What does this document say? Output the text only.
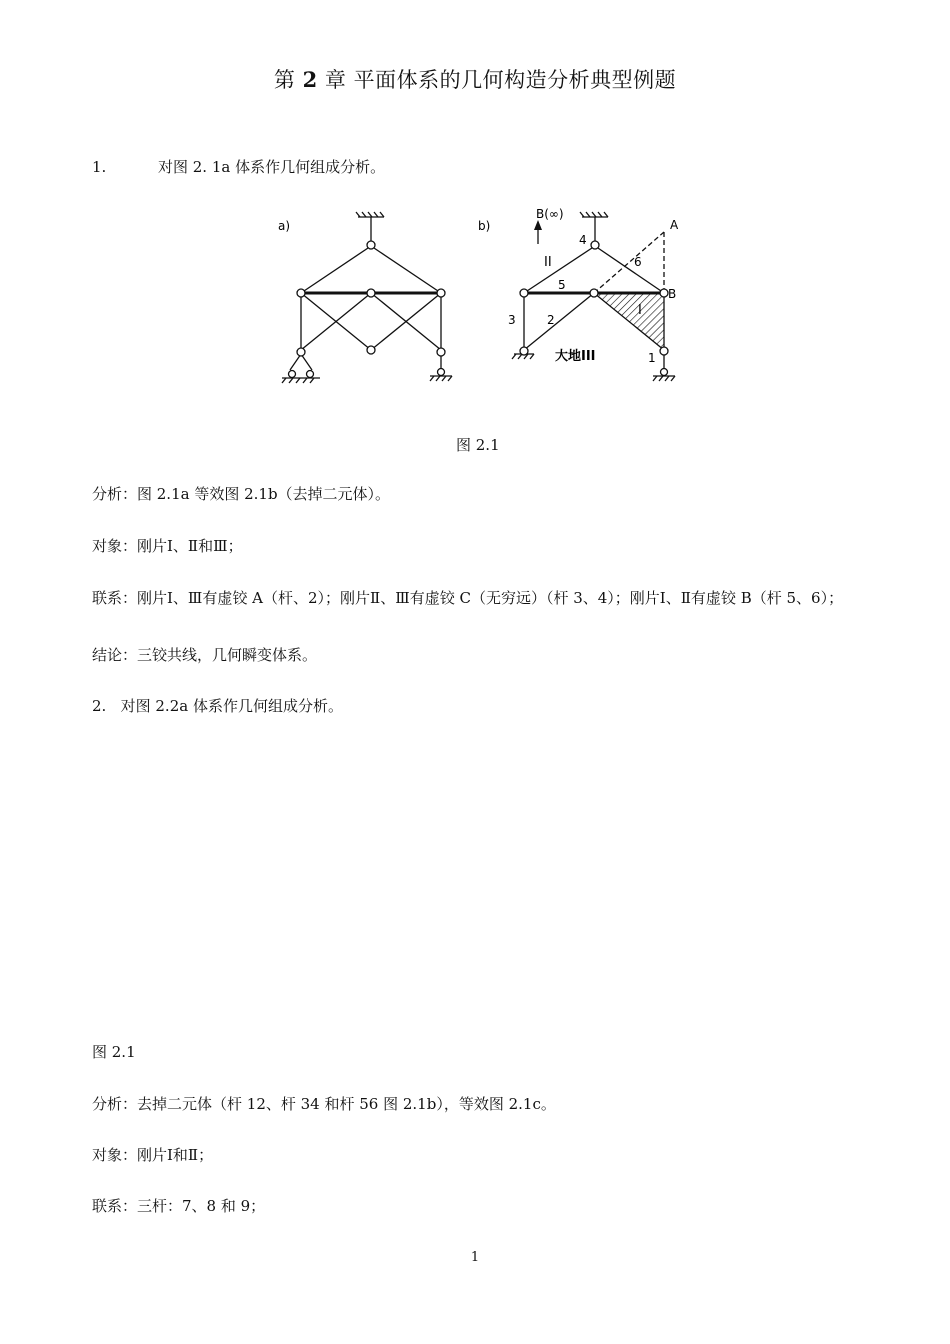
第 2 章 平面体系的几何构造分析典型例题
1.	对图 2. 1a 体系作几何组成分析。
a)	b)
B(∞)
A
B
II
I
4
5
6
3	2
1
大地III
图 2.1
分析：图 2.1a 等效图 2.1b（去掉二元体）。
对象：刚片Ⅰ、Ⅱ和Ⅲ；
联系：刚片Ⅰ、Ⅲ有虚铰 A（杆、2）；刚片Ⅱ、Ⅲ有虚铰 C（无穷远）（杆 3、4）；刚片Ⅰ、Ⅱ有虚铰 B（杆 5、6）；
结论：三铰共线，几何瞬变体系。
2. 对图 2.2a 体系作几何组成分析。
图 2.1
分析：去掉二元体（杆 12、杆 34 和杆 56 图 2.1b），等效图 2.1c。
对象：刚片Ⅰ和Ⅱ；
联系：三杆：7、8 和 9；
1
